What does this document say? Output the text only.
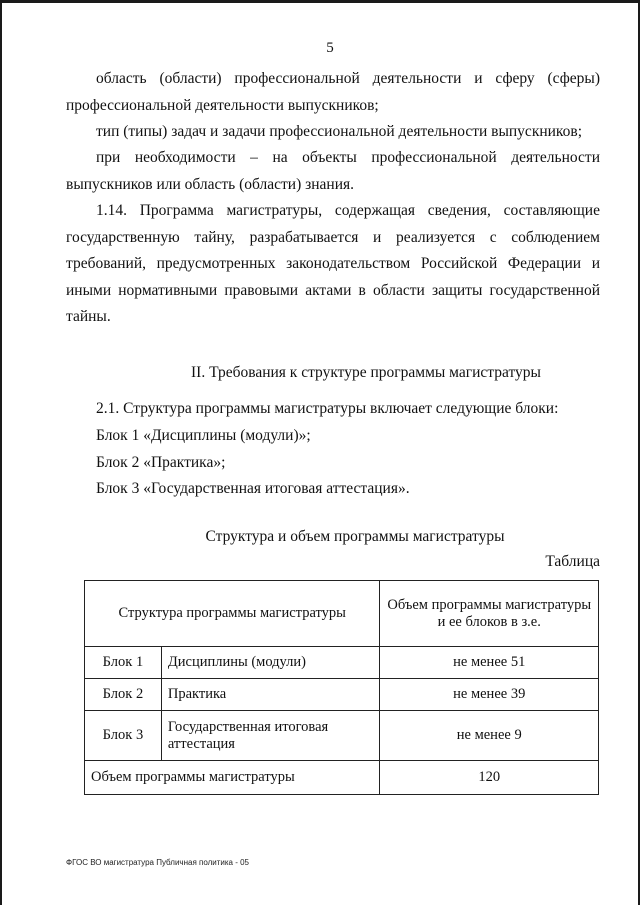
5

область (области) профессиональной деятельности и сферу (сферы) профессиональной деятельности выпускников;

тип (типы) задач и задачи профессиональной деятельности выпускников;

при необходимости – на объекты профессиональной деятельности выпускников или область (области) знания.

1.14. Программа магистратуры, содержащая сведения, составляющие государственную тайну, разрабатывается и реализуется с соблюдением требований, предусмотренных законодательством Российской Федерации и иными нормативными правовыми актами в области защиты государственной тайны.

II. Требования к структуре программы магистратуры
2.1. Структура программы магистратуры включает следующие блоки:
Блок 1 «Дисциплины (модули)»;
Блок 2 «Практика»;
Блок 3 «Государственная итоговая аттестация».
Структура и объем программы магистратуры
Таблица
Структура программы магистратуры		Объем программы магистратуры и ее блоков в з.е.
Блок 1	Дисциплины (модули)	не менее 51
Блок 2	Практика	не менее 39
Блок 3	Государственная итоговая аттестация	не менее 9
Объем программы магистратуры		120
ФГОС ВО магистратура Публичная политика - 05
